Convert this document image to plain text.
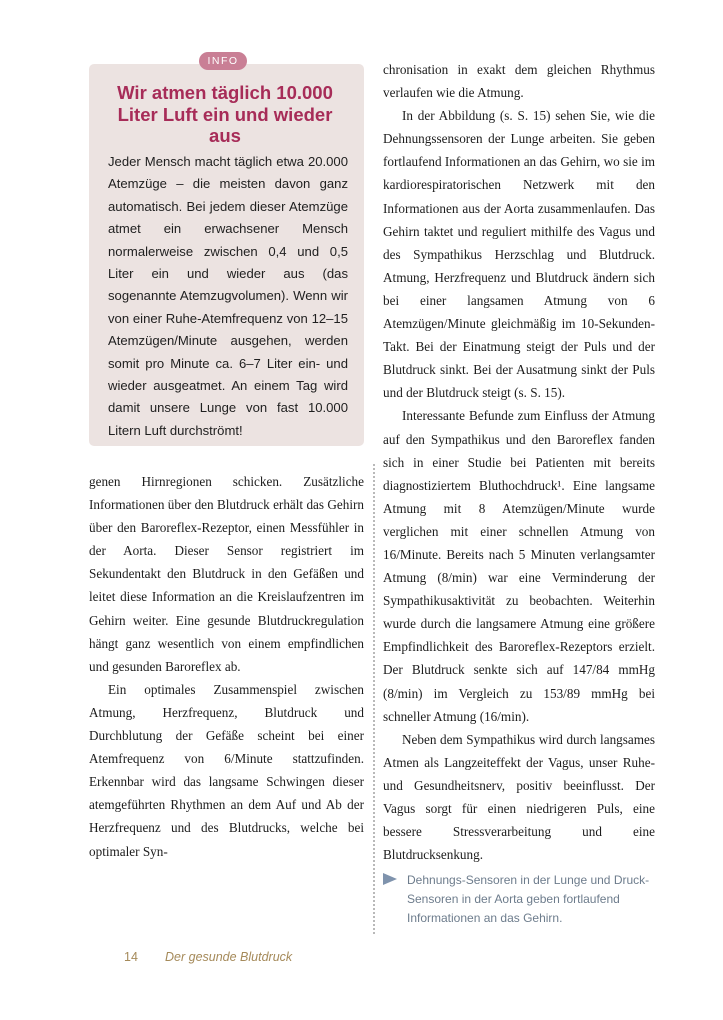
INFO
Wir atmen täglich 10.000 Liter Luft ein und wieder aus

Jeder Mensch macht täglich etwa 20.000 Atemzüge – die meisten davon ganz automatisch. Bei jedem dieser Atemzüge atmet ein erwachsener Mensch normalerweise zwischen 0,4 und 0,5 Liter ein und wieder aus (das sogenannte Atemzugvolumen). Wenn wir von einer Ruhe-Atemfrequenz von 12–15 Atemzügen/Minute ausgehen, werden somit pro Minute ca. 6–7 Liter ein- und wieder ausgeatmet. An einem Tag wird damit unsere Lunge von fast 10.000 Litern Luft durchströmt!

genen Hirnregionen schicken. Zusätzliche Informationen über den Blutdruck erhält das Gehirn über den Baroreflex-Rezeptor, einen Messfühler in der Aorta. Dieser Sensor registriert im Sekundentakt den Blutdruck in den Gefäßen und leitet diese Information an die Kreislaufzentren im Gehirn weiter. Eine gesunde Blutdruckregulation hängt ganz wesentlich von einem empfindlichen und gesunden Baroreflex ab.

Ein optimales Zusammenspiel zwischen Atmung, Herzfrequenz, Blutdruck und Durchblutung der Gefäße scheint bei einer Atemfrequenz von 6/Minute stattzufinden. Erkennbar wird das langsame Schwingen dieser atemgeführten Rhythmen an dem Auf und Ab der Herzfrequenz und des Blutdrucks, welche bei optimaler Syn-

chronisation in exakt dem gleichen Rhythmus verlaufen wie die Atmung.

In der Abbildung (s. S. 15) sehen Sie, wie die Dehnungssensoren der Lunge arbeiten. Sie geben fortlaufend Informationen an das Gehirn, wo sie im kardiorespiratorischen Netzwerk mit den Informationen aus der Aorta zusammenlaufen. Das Gehirn taktet und reguliert mithilfe des Vagus und des Sympathikus Herzschlag und Blutdruck. Atmung, Herzfrequenz und Blutdruck ändern sich bei einer langsamen Atmung von 6 Atemzügen/Minute gleichmäßig im 10-Sekunden-Takt. Bei der Einatmung steigt der Puls und der Blutdruck sinkt. Bei der Ausatmung sinkt der Puls und der Blutdruck steigt (s. S. 15).

Interessante Befunde zum Einfluss der Atmung auf den Sympathikus und den Baroreflex fanden sich in einer Studie bei Patienten mit bereits diagnostiziertem Bluthochdruck¹. Eine langsame Atmung mit 8 Atemzügen/Minute wurde verglichen mit einer schnellen Atmung von 16/Minute. Bereits nach 5 Minuten verlangsamter Atmung (8/min) war eine Verminderung der Sympathikusaktivität zu beobachten. Weiterhin wurde durch die langsamere Atmung eine größere Empfindlichkeit des Baroreflex-Rezeptors erzielt. Der Blutdruck senkte sich auf 147/84 mmHg (8/min) im Vergleich zu 153/89 mmHg bei schneller Atmung (16/min).

Neben dem Sympathikus wird durch langsames Atmen als Langzeiteffekt der Vagus, unser Ruhe- und Gesundheitsnerv, positiv beeinflusst. Der Vagus sorgt für einen niedrigeren Puls, eine bessere Stressverarbeitung und eine Blutdrucksenkung.

Dehnungs-Sensoren in der Lunge und Druck-Sensoren in der Aorta geben fortlaufend Informationen an das Gehirn.

14 Der gesunde Blutdruck
